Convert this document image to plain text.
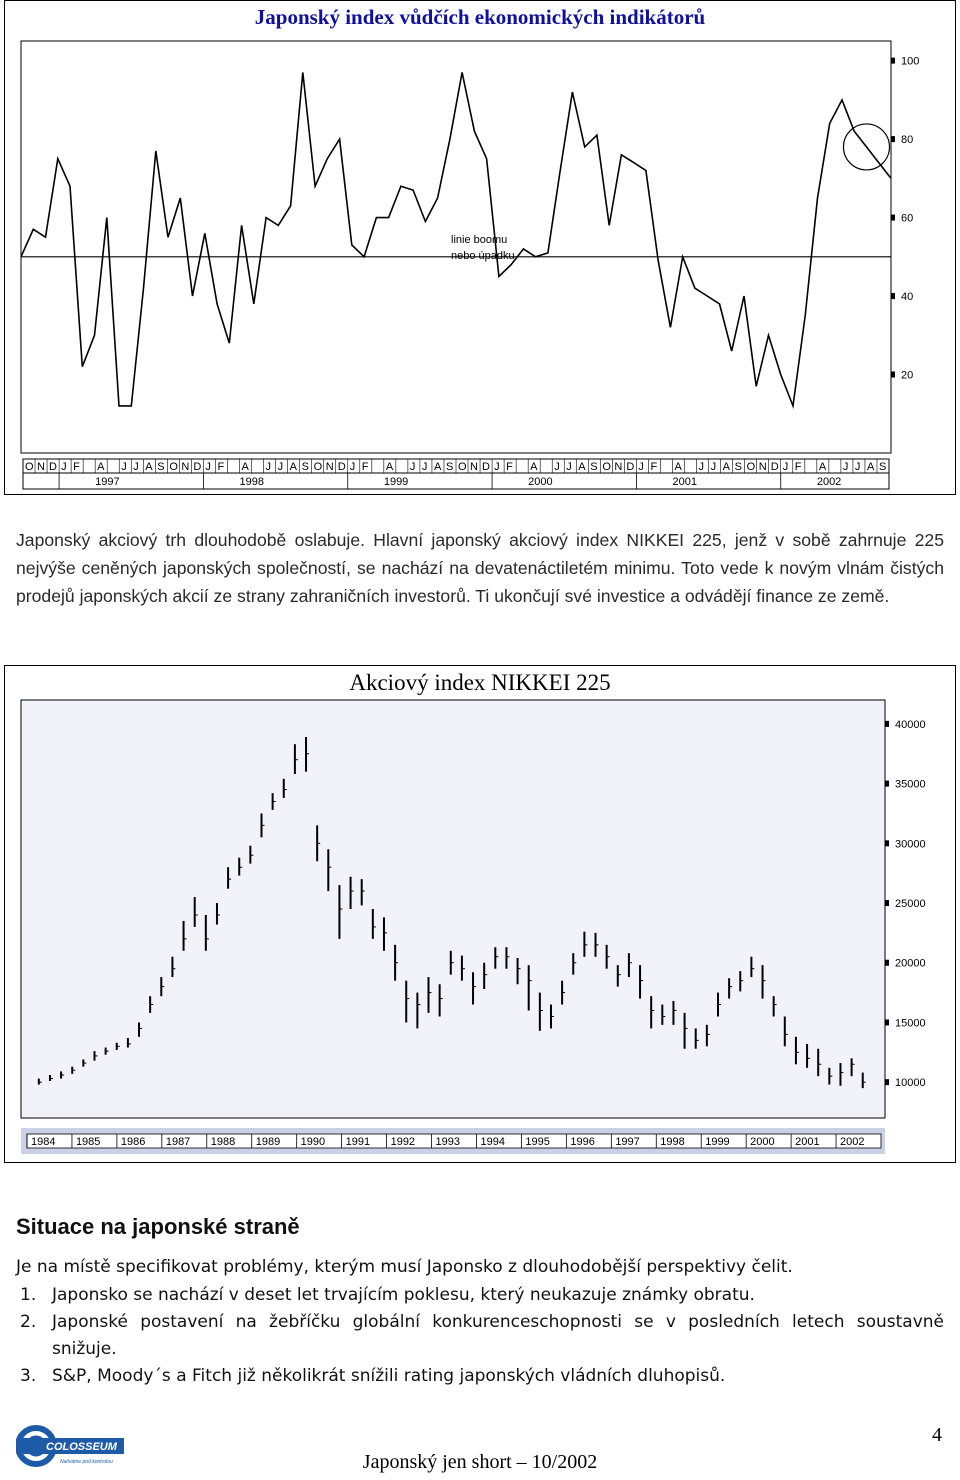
Japonský index vůdčích ekonomických indikátorů
20
40
60
80
100
linie boomu
nebo úpadku
O N D J F A J J A S O N D J F A J J A S O N D J F A J J A S O N D J F A J J A S O N D J F A J J A S O N D J F A J J A S
1997	1998	1999	2000	2001	2002
Japonský akciový trh dlouhodobě oslabuje. Hlavní japonský akciový index NIKKEI 225, jenž v sobě zahrnuje 225 nejvýše ceněných japonských společností, se nachází na devatenáctiletém minimu. Toto vede k novým vlnám čistých prodejů japonských akcií ze strany zahraničních investorů. Ti ukončují své investice a odvádějí finance ze země.
Akciový index NIKKEI 225
10000
15000
20000
25000
30000
35000
40000
1984 1985 1986 1987 1988 1989 1990 1991 1992 1993 1994 1995 1996 1997 1998 1999 2000 2001 2002
Situace na japonské straně
Je na místě specifikovat problémy, kterým musí Japonsko z dlouhodobější perspektivy čelit.
1. Japonsko se nachází v deset let trvajícím poklesu, který neukazuje známky obratu.
2. Japonské postavení na žebříčku globální konkurenceschopnosti se v posledních letech soustavně snižuje.
3. S&P, Moody´s a Fitch již několikrát snížili rating japonských vládních dluhopisů.
COLOSSEUM
Nalíváme pod kontrolou	Japonský jen short – 10/2002
4
